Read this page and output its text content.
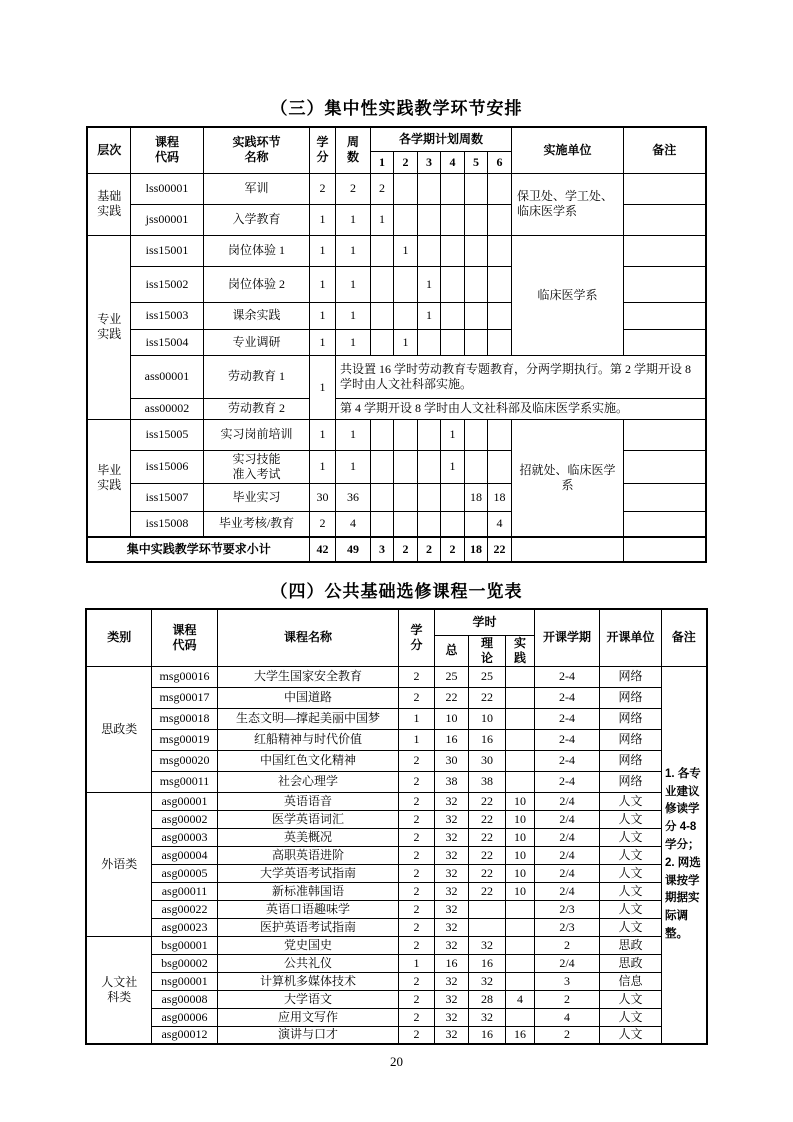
（三）集中性实践教学环节安排
层次	课程代码	实践环节名称	学分	周数	各学期计划周数						实施单位	备注
					1	2	3	4	5	6		
基础实践	lss00001	军训	2	2	2						保卫处、学工处、临床医学系	
	jss00001	入学教育	1	1	1							
专业实践	iss15001	岗位体验 1	1	1		1					临床医学系	
	iss15002	岗位体验 2	1	1			1					
	iss15003	课余实践	1	1			1					
	iss15004	专业调研	1	1		1						
	ass00001	劳动教育 1	1	共设置 16 学时劳动教育专题教育，分两学期执行。第 2 学期开设 8 学时由人文社科部实施。								
	ass00002	劳动教育 2		第 4 学期开设 8 学时由人文社科部及临床医学系实施。								
毕业实践	iss15005	实习岗前培训	1	1				1			招就处、临床医学系	
	iss15006	实习技能准入考试	1	1				1				
	iss15007	毕业实习	30	36					18	18		
	iss15008	毕业考核/教育	2	4						4		
集中实践教学环节要求小计			42	49	3	2	2	2	18	22		
（四）公共基础选修课程一览表
类别	课程代码	课程名称	学分	学时			开课学期	开课单位	备注
				总	理论	实践			
思政类	msg00016	大学生国家安全教育	2	25	25		2-4	网络	1. 各专业建议修读学分 4-8 学分；
2. 网选课按学期据实际调整。

	msg00017	中国道路	2	22	22		2-4	网络	
	msg00018	生态文明—撑起美丽中国梦	1	10	10		2-4	网络	
	msg00019	红船精神与时代价值	1	16	16		2-4	网络	
	msg00020	中国红色文化精神	2	30	30		2-4	网络	
	msg00011	社会心理学	2	38	38		2-4	网络	
外语类	asg00001	英语语音	2	32	22	10	2/4	人文	
	asg00002	医学英语词汇	2	32	22	10	2/4	人文	
	asg00003	英美概况	2	32	22	10	2/4	人文	
	asg00004	高职英语进阶	2	32	22	10	2/4	人文	
	asg00005	大学英语考试指南	2	32	22	10	2/4	人文	
	asg00011	新标准韩国语	2	32	22	10	2/4	人文	
	asg00022	英语口语趣味学	2	32			2/3	人文	
	asg00023	医护英语考试指南	2	32			2/3	人文	
人文社科类	bsg00001	党史国史	2	32	32		2	思政	
	bsg00002	公共礼仪	1	16	16		2/4	思政	
	nsg00001	计算机多媒体技术	2	32	32		3	信息	
	asg00008	大学语文	2	32	28	4	2	人文	
	asg00006	应用文写作	2	32	32		4	人文	
	asg00012	演讲与口才	2	32	16	16	2	人文	
20
